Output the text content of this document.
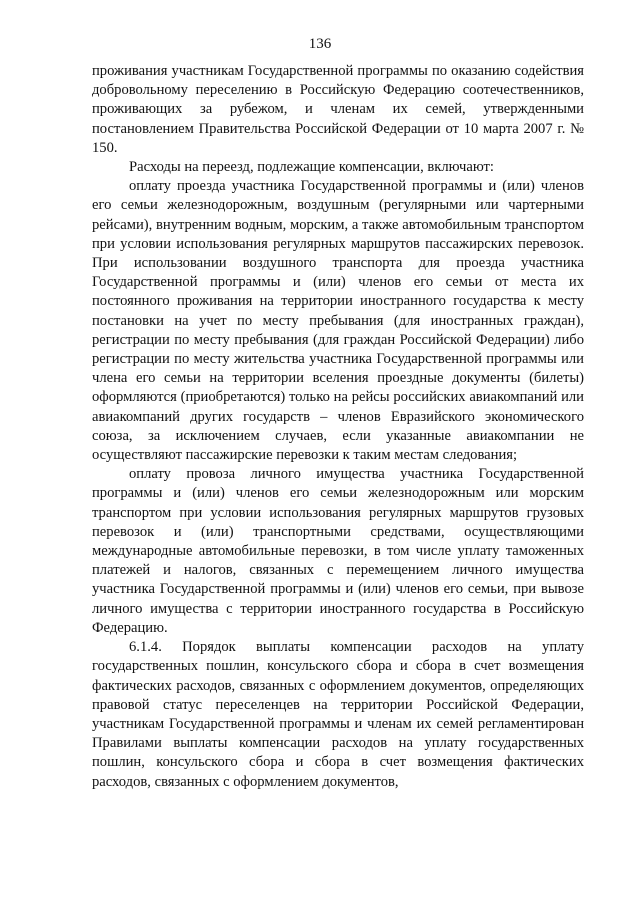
136

проживания участникам Государственной программы по оказанию содействия добровольному переселению в Российскую Федерацию соотечественников, проживающих за рубежом, и членам их семей, утвержденными постановлением Правительства Российской Федерации от 10 марта 2007 г. № 150.

Расходы на переезд, подлежащие компенсации, включают:

оплату проезда участника Государственной программы и (или) членов его семьи железнодорожным, воздушным (регулярными или чартерными рейсами), внутренним водным, морским, а также автомобильным транспортом при условии использования регулярных маршрутов пассажирских перевозок. При использовании воздушного транспорта для проезда участника Государственной программы и (или) членов его семьи от места их постоянного проживания на территории иностранного государства к месту постановки на учет по месту пребывания (для иностранных граждан), регистрации по месту пребывания (для граждан Российской Федерации) либо регистрации по месту жительства участника Государственной программы или члена его семьи на территории вселения проездные документы (билеты) оформляются (приобретаются) только на рейсы российских авиакомпаний или авиакомпаний других государств – членов Евразийского экономического союза, за исключением случаев, если указанные авиакомпании не осуществляют пассажирские перевозки к таким местам следования;

оплату провоза личного имущества участника Государственной программы и (или) членов его семьи железнодорожным или морским транспортом при условии использования регулярных маршрутов грузовых перевозок и (или) транспортными средствами, осуществляющими международные автомобильные перевозки, в том числе уплату таможенных платежей и налогов, связанных с перемещением личного имущества участника Государственной программы и (или) членов его семьи, при вывозе личного имущества с территории иностранного государства в Российскую Федерацию.

6.1.4. Порядок выплаты компенсации расходов на уплату государственных пошлин, консульского сбора и сбора в счет возмещения фактических расходов, связанных с оформлением документов, определяющих правовой статус переселенцев на территории Российской Федерации, участникам Государственной программы и членам их семей регламентирован Правилами выплаты компенсации расходов на уплату государственных пошлин, консульского сбора и сбора в счет возмещения фактических расходов, связанных с оформлением документов,
